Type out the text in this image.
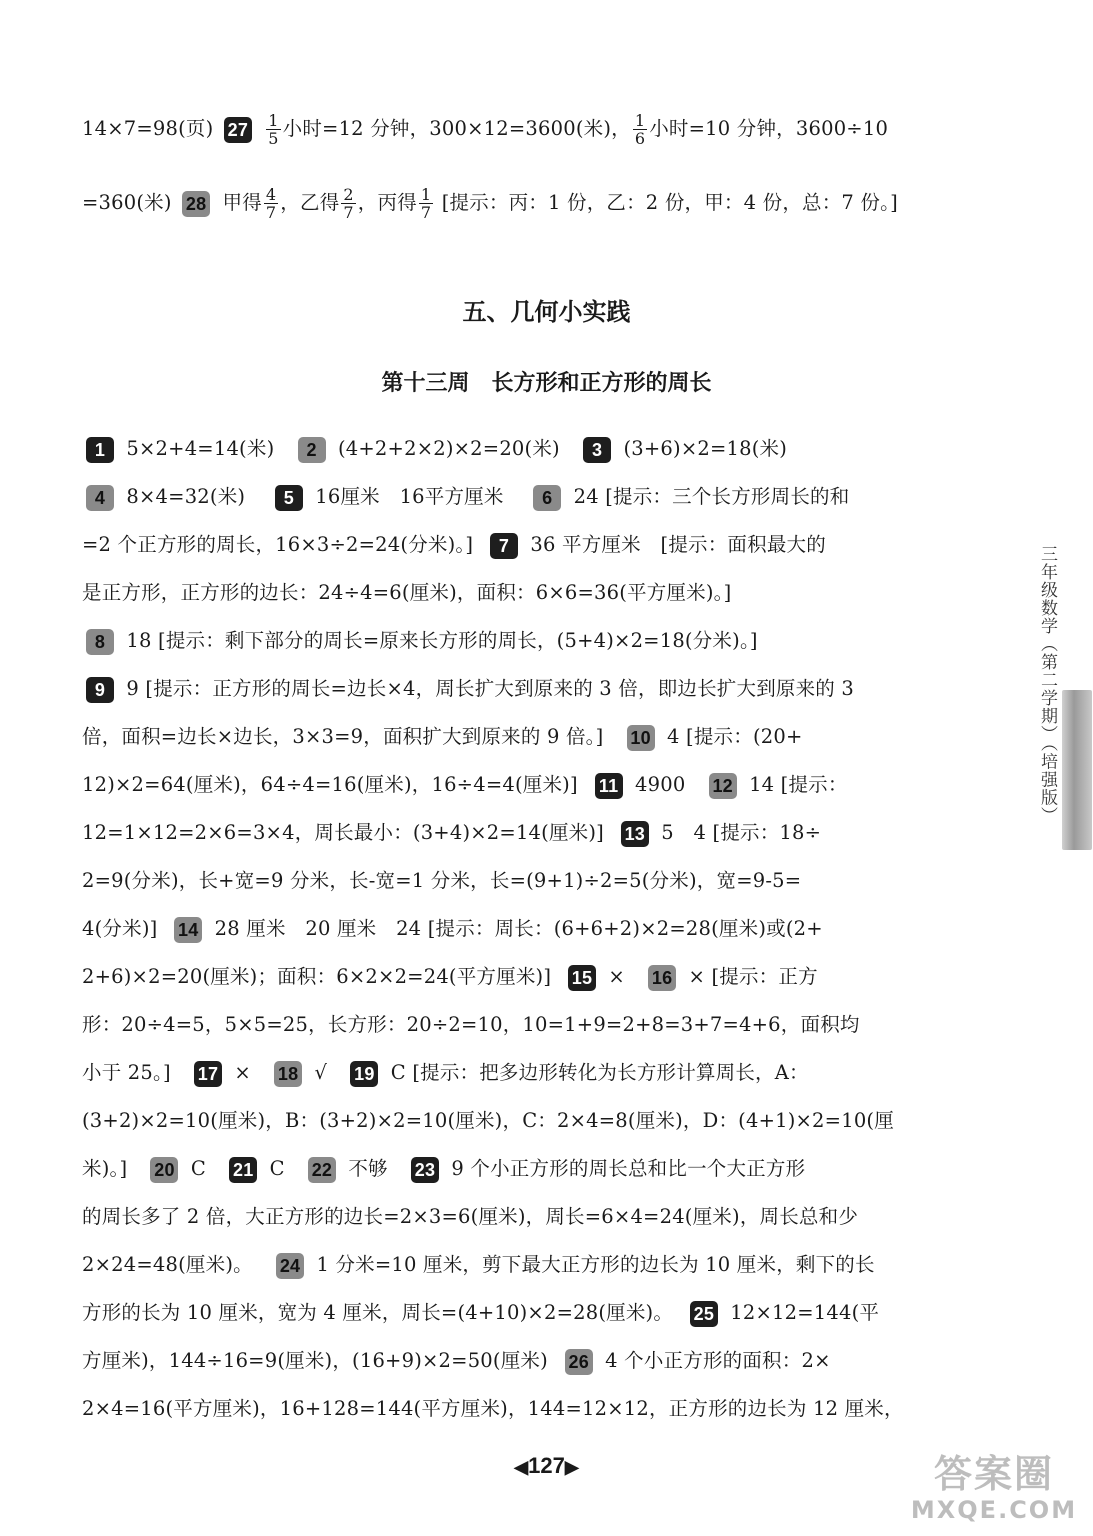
14×7=98(页) $27 \frac{1}{5}$ 小时=12 分钟，300×12=3600(米)， $\frac{1}{6}$ 小时=10 分钟，3600÷10
=360(米) 28 甲得 $\frac{4}{7}$ ，乙得 $\frac{2}{7}$ ，丙得 $\frac{1}{7}$ [提示：丙：1 份，乙：2 份，甲：4 份，总：7 份。]
五、几何小实践
第十三周　长方形和正方形的周长
1 5×2+4=14(米) 2 (4+2+2×2)×2=20(米) 3 (3+6)×2=18(米)
4 8×4=32(米) 5 16厘米　16平方厘米 6 24 [提示：三个长方形周长的和
=2 个正方形的周长，16×3÷2=24(分米)。] 7 36 平方厘米　[提示：面积最大的
是正方形，正方形的边长：24÷4=6(厘米)，面积：6×6=36(平方厘米)。]
8 18 [提示：剩下部分的周长=原来长方形的周长，(5+4)×2=18(分米)。]
9 9 [提示：正方形的周长=边长×4，周长扩大到原来的 3 倍，即边长扩大到原来的 3
倍，面积=边长×边长，3×3=9，面积扩大到原来的 9 倍。] 10 4 [提示：(20+
12)×2=64(厘米)，64÷4=16(厘米)，16÷4=4(厘米)] 11 4900 12 14 [提示：
12=1×12=2×6=3×4，周长最小：(3+4)×2=14(厘米)] 13 5　4 [提示：18÷
2=9(分米)，长+宽=9 分米，长-宽=1 分米，长=(9+1)÷2=5(分米)，宽=9-5=
4(分米)] 14 28 厘米　20 厘米　24 [提示：周长：(6+6+2)×2=28(厘米)或(2+
2+6)×2=20(厘米)；面积：6×2×2=24(平方厘米)] 15 × 16 × [提示：正方
形：20÷4=5，5×5=25，长方形：20÷2=10，10=1+9=2+8=3+7=4+6，面积均
小于 25。] 17 × 18 √ 19 C [提示：把多边形转化为长方形计算周长，A：
(3+2)×2=10(厘米)，B：(3+2)×2=10(厘米)，C：2×4=8(厘米)，D：(4+1)×2=10(厘
米)。] 20 C 21 C 22 不够 23 9 个小正方形的周长总和比一个大正方形
的周长多了 2 倍，大正方形的边长=2×3=6(厘米)，周长=6×4=24(厘米)，周长总和少
2×24=48(厘米)。 24 1 分米=10 厘米，剪下最大正方形的边长为 10 厘米，剩下的长
方形的长为 10 厘米，宽为 4 厘米，周长=(4+10)×2=28(厘米)。 25 12×12=144(平
方厘米)，144÷16=9(厘米)，(16+9)×2=50(厘米) 26 4 个小正方形的面积：2×
2×4=16(平方厘米)，16+128=144(平方厘米)，144=12×12，正方形的边长为 12 厘米，
三年级数学（第二学期）（培强版）
◀127▶	答案圈
MXQE.COM
